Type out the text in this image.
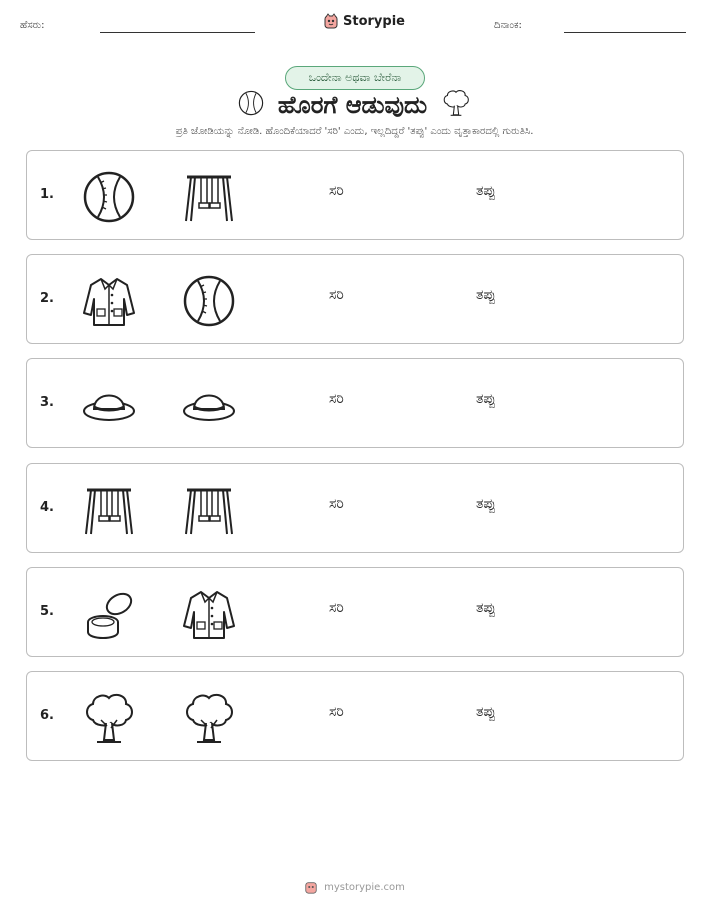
ಹೆಸರು:	Storypie	ದಿನಾಂಕ:
ಒಂದೇನಾ ಅಥವಾ ಬೇರೆನಾ
ಹೊರಗೆ ಆಡುವುದು
ಪ್ರತಿ ಜೋಡಿಯನ್ನು ನೋಡಿ. ಹೊಂದಿಕೆಯಾದರೆ 'ಸರಿ' ಎಂದು, ಇಲ್ಲದಿದ್ದರೆ 'ತಪ್ಪು' ಎಂದು ವೃತ್ತಾಕಾರದಲ್ಲಿ ಗುರುತಿಸಿ.
1.	ಸರಿ	ತಪ್ಪು
2.	ಸರಿ	ತಪ್ಪು
3.	ಸರಿ	ತಪ್ಪು
4.	ಸರಿ	ತಪ್ಪು
5.	ಸರಿ	ತಪ್ಪು
6.	ಸರಿ	ತಪ್ಪು
mystorypie.com
